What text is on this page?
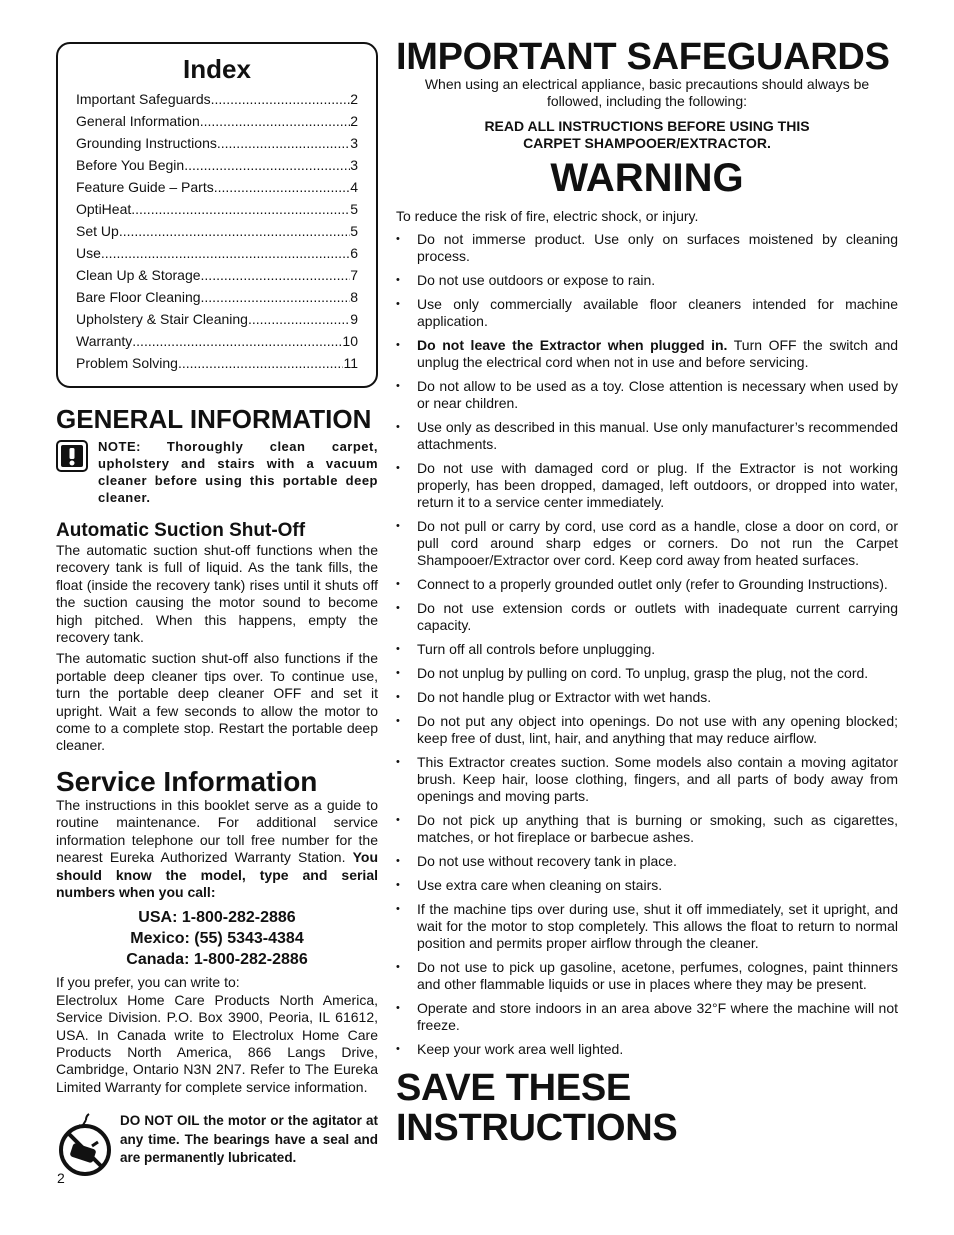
Index
Important Safeguards .....	2
General Information .....	2
Grounding Instructions .....	3
Before You Begin .....	3
Feature Guide – Parts .....	4
OptiHeat .....	5
Set Up .....	5
Use .....	6
Clean Up & Storage .....	7
Bare Floor Cleaning .....	8
Upholstery & Stair Cleaning .....	9
Warranty .....	10
Problem Solving .....	11
GENERAL INFORMATION
NOTE: Thoroughly clean carpet, upholstery and stairs with a vacuum cleaner before using this portable deep cleaner.
Automatic Suction Shut-Off

The automatic suction shut-off functions when the recovery tank is full of liquid. As the tank fills, the float (inside the recovery tank) rises until it shuts off the suction causing the motor sound to become high pitched. When this happens, empty the recovery tank.

The automatic suction shut-off also functions if the portable deep cleaner tips over. To continue use, turn the portable deep cleaner OFF and set it upright. Wait a few seconds to allow the motor to come to a complete stop. Restart the portable deep cleaner.

Service Information

The instructions in this booklet serve as a guide to routine maintenance. For additional service information telephone our toll free number for the nearest Eureka Authorized Warranty Station. You should know the model, type and serial numbers when you call:

USA: 1-800-282-2886
Mexico: (55) 5343-4384
Canada: 1-800-282-2886

If you prefer, you can write to:

Electrolux Home Care Products North America, Service Division. P.O. Box 3900, Peoria, IL 61612, USA. In Canada write to Electrolux Home Care Products North America, 866 Langs Drive, Cambridge, Ontario N3N 2N7. Refer to The Eureka Limited Warranty for complete service information.

DO NOT OIL the motor or the agitator at any time. The bearings have a seal and are permanently lubricated.
2
IMPORTANT SAFEGUARDS
When using an electrical appliance, basic precautions should always be followed, including the following:
READ ALL INSTRUCTIONS BEFORE USING THIS
CARPET SHAMPOOER/EXTRACTOR.
WARNING
To reduce the risk of fire, electric shock, or injury.
• Do not immerse product. Use only on surfaces moistened by cleaning process.
• Do not use outdoors or expose to rain.
• Use only commercially available floor cleaners intended for machine application.
• Do not leave the Extractor when plugged in. Turn OFF the switch and unplug the electrical cord when not in use and before servicing.
• Do not allow to be used as a toy. Close attention is necessary when used by or near children.
• Use only as described in this manual. Use only manufacturer’s recommended attachments.
• Do not use with damaged cord or plug. If the Extractor is not working properly, has been dropped, damaged, left outdoors, or dropped into water, return it to a service center immediately.
• Do not pull or carry by cord, use cord as a handle, close a door on cord, or pull cord around sharp edges or corners. Do not run the Carpet Shampooer/Extractor over cord. Keep cord away from heated surfaces.
• Connect to a properly grounded outlet only (refer to Grounding Instructions).
• Do not use extension cords or outlets with inadequate current carrying capacity.
• Turn off all controls before unplugging.
• Do not unplug by pulling on cord. To unplug, grasp the plug, not the cord.
• Do not handle plug or Extractor with wet hands.
• Do not put any object into openings. Do not use with any opening blocked; keep free of dust, lint, hair, and anything that may reduce airflow.
• This Extractor creates suction. Some models also contain a moving agitator brush. Keep hair, loose clothing, fingers, and all parts of body away from openings and moving parts.
• Do not pick up anything that is burning or smoking, such as cigarettes, matches, or hot fireplace or barbecue ashes.
• Do not use without recovery tank in place.
• Use extra care when cleaning on stairs.
• If the machine tips over during use, shut it off immediately, set it upright, and wait for the motor to stop completely. This allows the float to return to normal position and permits proper airflow through the cleaner.
• Do not use to pick up gasoline, acetone, perfumes, colognes, paint thinners and other flammable liquids or use in places where they may be present.
• Operate and store indoors in an area above 32°F where the machine will not freeze.
• Keep your work area well lighted.
SAVE THESE INSTRUCTIONS
